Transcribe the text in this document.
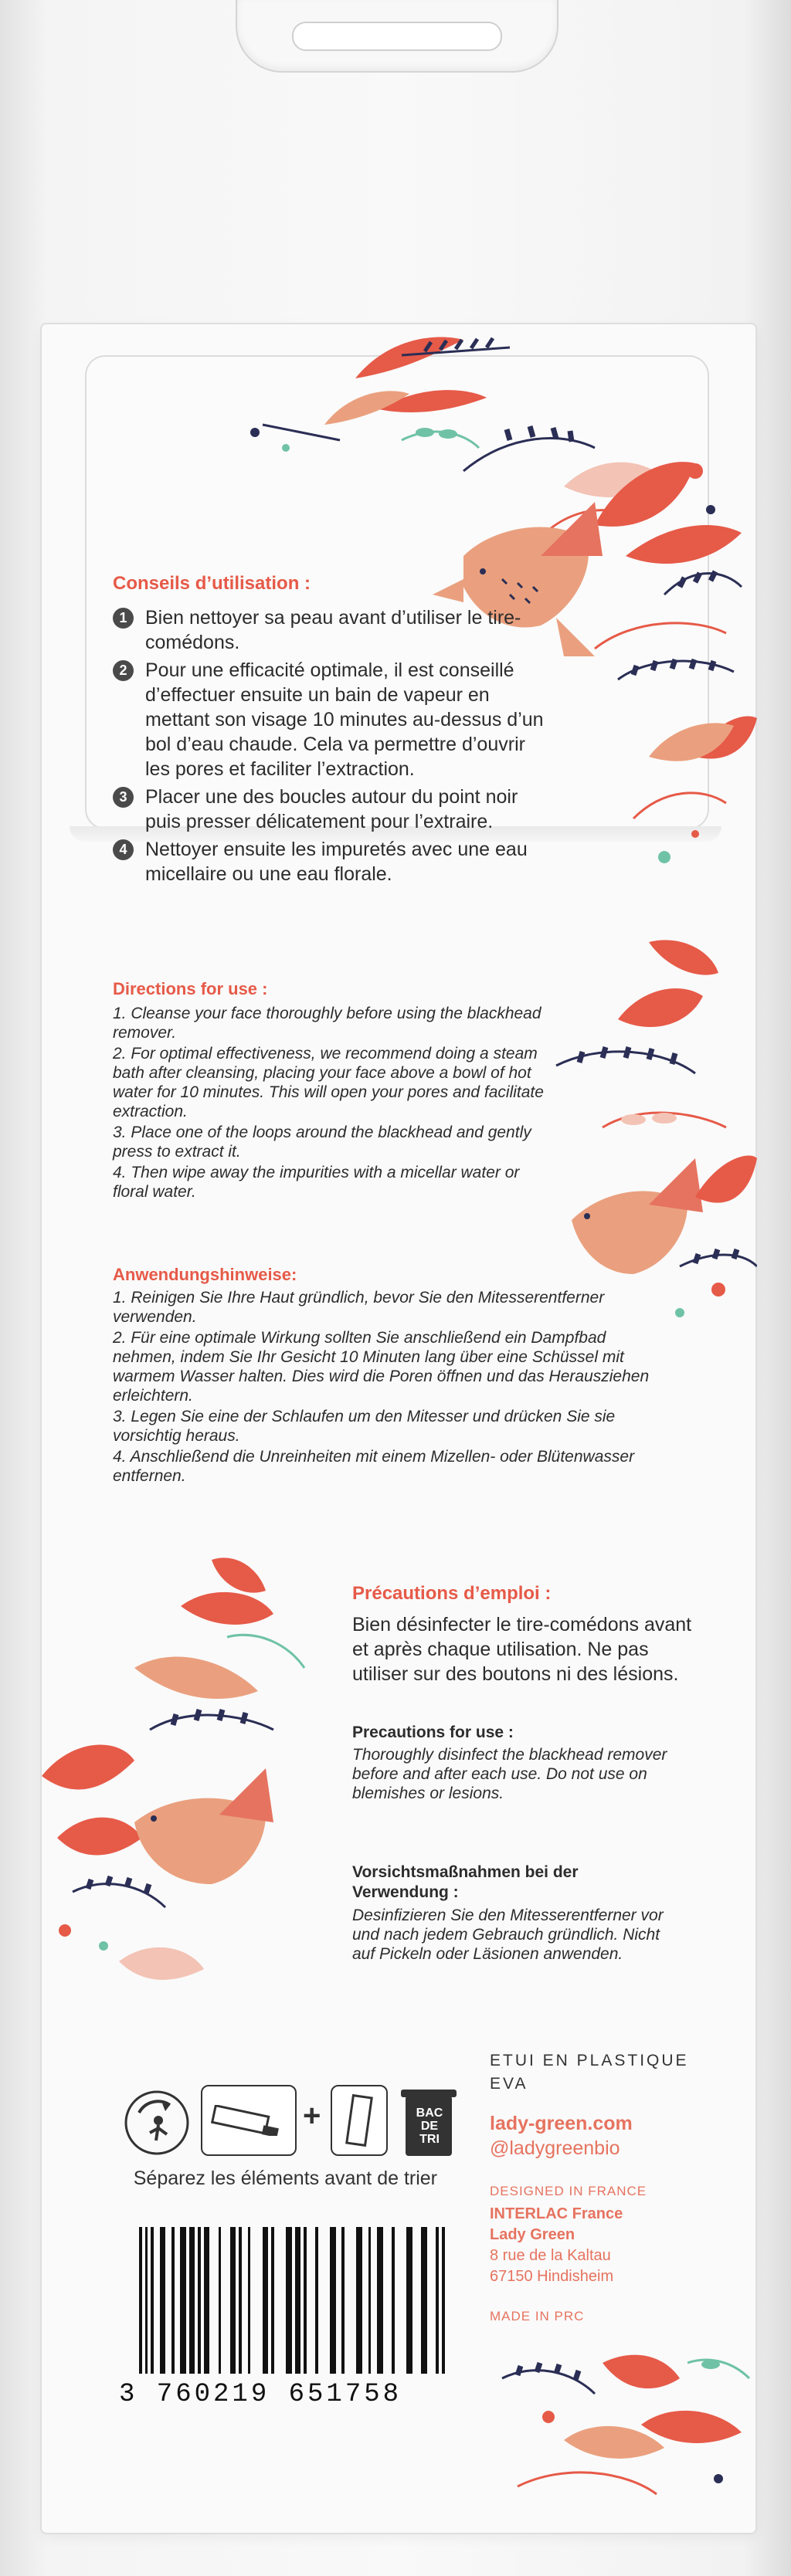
Conseils d’utilisation :
1 Bien nettoyer sa peau avant d’utiliser le tire-comédons.
2 Pour une efficacité optimale, il est conseillé d’effectuer ensuite un bain de vapeur en mettant son visage 10 minutes au-dessus d’un bol d’eau chaude. Cela va permettre d’ouvrir les pores et faciliter l’extraction.
3 Placer une des boucles autour du point noir puis presser délicatement pour l’extraire.
4 Nettoyer ensuite les impuretés avec une eau micellaire ou une eau florale.
Directions for use :

1. Cleanse your face thoroughly before using the blackhead remover.

2. For optimal effectiveness, we recommend doing a steam bath after cleansing, placing your face above a bowl of hot water for 10 minutes. This will open your pores and facilitate extraction.

3. Place one of the loops around the blackhead and gently press to extract it.

4. Then wipe away the impurities with a micellar water or floral water.

Anwendungshinweise:

1. Reinigen Sie Ihre Haut gründlich, bevor Sie den Mitesserentferner verwenden.

2. Für eine optimale Wirkung sollten Sie anschließend ein Dampfbad nehmen, indem Sie Ihr Gesicht 10 Minuten lang über eine Schüssel mit warmem Wasser halten. Dies wird die Poren öffnen und das Herausziehen erleichtern.

3. Legen Sie eine der Schlaufen um den Mitesser und drücken Sie sie vorsichtig heraus.

4. Anschließend die Unreinheiten mit einem Mizellen- oder Blütenwasser entfernen.

Précautions d’emploi :
Bien désinfecter le tire-comédons avant et après chaque utilisation. Ne pas utiliser sur des boutons ni des lésions.
Precautions for use :
Thoroughly disinfect the blackhead remover before and after each use. Do not use on blemishes or lesions.
Vorsichtsmaßnahmen bei der Verwendung :
Desinfizieren Sie den Mitesserentferner vor und nach jedem Gebrauch gründlich. Nicht auf Pickeln oder Läsionen anwenden.
+	BAC DE TRI
Séparez les éléments avant de trier
ETUI EN PLASTIQUE EVA
lady-green.com
@ladygreenbio
DESIGNED IN FRANCE
INTERLAC France
Lady Green
8 rue de la Kaltau
67150 Hindisheim
MADE IN PRC
3 760219 651758
